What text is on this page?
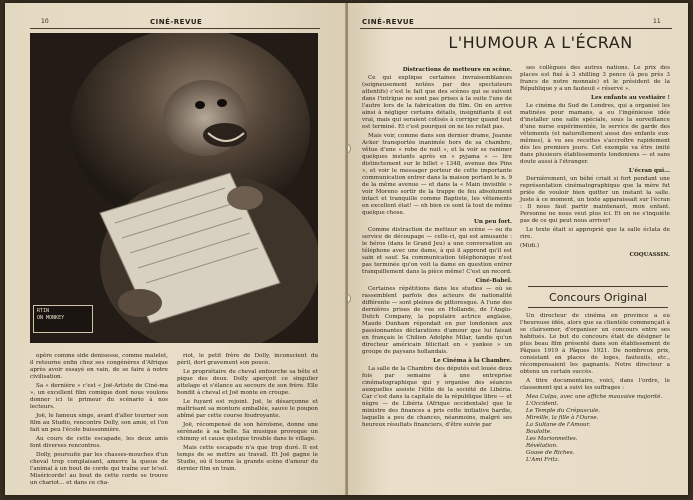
10	CINÉ-REVUE
RTIN
ON MONKEY

opère comme side denisesse, comme matelet, il retourne enfin chez ses congénères d'Afrique après avoir essayé en vain, de se faire à notre civilisation.

Sa « dernière » c'est « Joë-Artiste de Ciné-ma », un excellent film comique dont nous voulons donner ici le primeur du scénario à nos lecteurs.

Joë, le fameux singe, avant d'aller tourner son film au Studio, rencontre Dolly, son amie, et l'on fait un peu l'école buissonnière.

Au cours de cette escapade, les deux amis font diverses rencontres.

Dolly, poursuite par les chasses-mouches d'un cheval trop complaisant, amerre la queue de l'animal à un bout de corde qui traîne sur le'sol. Miséricorde! au bout de cette corde se trouve un chariot... et dans ce cha-

riot, le petit frère de Dolly, inconscient du péril, dort gravement son pouce.

Le propriétaire du cheval enfourche sa bête et pique des deux. Dolly aperçoit ce singulier attelage et s'élance au secours de son frère. Elle bondit à cheval et Joë monte en croupe.

Le fuyard est rejoint. Joë, le désarçonne et maîtrisant sa monture emballée, sauve le poupon abîmé par cette course foudroyante.

Joë, récompensé de son héroïsme, donne une sérénade à sa belle. Sa musique provoque un chimmy et cause quelque trouble dans le village.

Mais cette escapade n'a que trop duré. Il est temps de se mettre au travail. Et Joë gagne le Studio, où il tourne la grande scène d'amour du dernier film en train.

CINÉ-REVUE	11
L'HUMOUR A L'ÉCRAN
Distractions de metteurs en scène.

Ce qui explique certaines invraisemblances (soigneusement notées par des spectateurs attentifs) c'est le fait que des scènes qui se suivent dans l'intrigue ne sont pas prises à la suite l'une de l'autre lors de la fabrication du film. On en arrive ainsi à négliger certains détails, insignifiants il est vrai, mais qui seraient cotisés à corriger quand tout est terminé. Et c'est pourquoi on ne les refait pas.

Mais voir, comme dans son dernier drame, Jeanne Acker transportée inanimée hors de sa chambre, vêtue d'une « robe de nuit », et la voir se ranimer quelques instants après en « pyjama » — lire distinctement sur le billet « 1348, avenue des Pins », et voir le messager porteur de cette importante communication entrer dans la maison portant le n. 9 de la même avenue — et dans la « Main invisible » voir Moreno sortir de la trappe de feu absolument intact et tranquille comme Baptiste, les vêtements en excellent état! — eh bien ce sont là tout de même quelque chose.

Un peu fort.

Comme distraction de metteur en scène — ou du service de découpage — celle-ci, qui est amusante : le héros (dans le Grand Jeu) a une conversation au téléphone avec une dame, à qui il apprend qu'il est sain et sauf. Sa communication téléphonique n'est pas terminée qu'on voit la dame en question entrer tranquillement dans la pièce même! C'est un record.

Ciné-Babel.

Certaines répétitions dans les studios — où se rassemblent parfois des acteurs de nationalité différente — sont pleines de pittoresque. A l'une des dernières prises de vue en Hollande, de l'Anglo-Dutch Company, la populaire actrice anglaise, Maude Dunham répondait en pur londonien aux passionnantes déclarations d'amour que lui faisait en français le Chilien Adolphe Milar, tandis qu'un directeur américain félicitait en « yankee » un groupe de paysans hollandais.

Le Cinéma à la Chambre.

La salle de la Chambre des députés est louée deux fois par semaine à une entreprise cinématographique qui y organise des séances auxquelles assiste l'élite de la société de Libéria. Car c'est dans la capitale de la république libre — et nègre — de Libéria (Afrique occidentale) que le ministre des finances a pris cette initiative hardie, laquelle a peu de chances, néanmoins, malgré ses heureux résultats financiers, d'être suivie par

ses collègues des autres nations. Le prix des places est fixé à 3 shilling 3 pence (à peu près 3 francs de notre monnaie) et le président de la République y a un fauteuil « réservé ».

Les enfants au vestiaire !

Le cinéma du Sud de Londres, qui a organisé les matinées pour mamans, a eu l'ingénieuse idée d'installer une salle spéciale, sous la surveillance d'une nurse expérimentée, le service de garde des vêtements (et naturellement aussi des enfants eux-mêmes), à vu ses recettes s'accroître rapidement dès les premiers jours. Cet exemple va être imité dans plusieurs établissements londoniens — et sans doute aussi à l'étranger.

L'écran qui...

Dernièrement, un bébé criait si fort pendant une représentation cinématographique que la mère fut priée de vouloir bien quitter un instant la salle. Juste à ce moment, un texte apparaissait sur l'écran : Il nous faut partir maintenant, mon enfant. Personne ne nous veut plus ici. Et on ne s'inquiète pas de ce qui peut nous arriver!

Le texte était si approprié que la salle éclata de rire.

(Midi.)
COQUASSIN.
Concours Original

Un directeur de cinéma en province a eu l'heureuse idée, alors que sa clientèle commençait à se clairsemer, d'organiser un concours entre ses habitués. Le but du concours était de désigner le plus beau film présenté dans son établissement de Pâques 1919 à Pâques 1921. De nombreux prix, consistant en places de loges, fauteuils, etc., récompensaient les gagnants. Notre directeur a obtenu un certain succès.

A titre documentaire, voici, dans l'ordre, le classement qui a suivi les suffrages :

Mea Culpa, avec une affiche mauvaise majorité.
L'Occident.
Le Temple du Crépuscule.
Mireille, la fille à l'Ourse.
La Sultane de l'Amour.
Boulotte.
Les Marionnettes.
Révélation.
Goase de Riches.
L'Ami Fritz.
